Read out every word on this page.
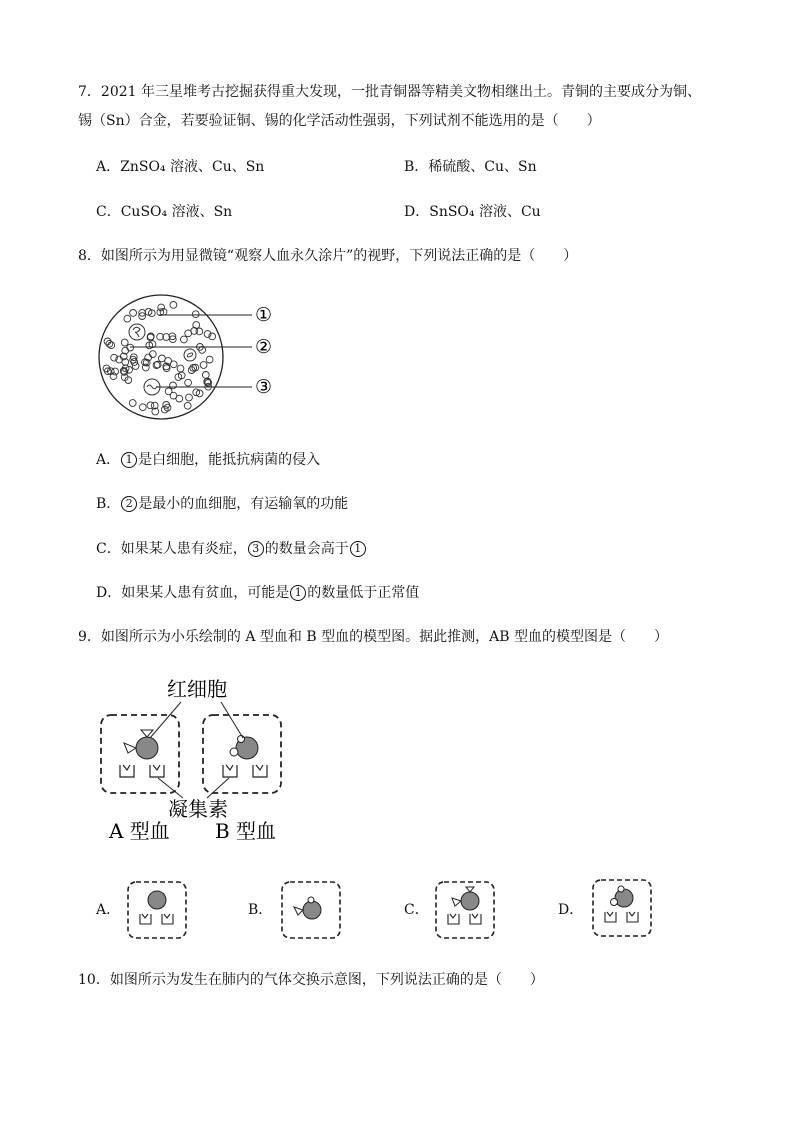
7．2021 年三星堆考古挖掘获得重大发现，一批青铜器等精美文物相继出土。青铜的主要成分为铜、
锡（Sn）合金，若要验证铜、锡的化学活动性强弱，下列试剂不能选用的是（　　）
A．ZnSO₄ 溶液、Cu、Sn	B．稀硫酸、Cu、Sn
C．CuSO₄ 溶液、Sn	D．SnSO₄ 溶液、Cu
8．如图所示为用显微镜“观察人血永久涂片”的视野，下列说法正确的是（　　）
①
②
③
A． 1 是白细胞，能抵抗病菌的侵入
B． 2 是最小的血细胞，有运输氧的功能
C．如果某人患有炎症， 3 的数量会高于 1
D．如果某人患有贫血，可能是 1 的数量低于正常值
9．如图所示为小乐绘制的 A 型血和 B 型血的模型图。据此推测，AB 型血的模型图是（　　）
红细胞
凝集素
A 型血 B 型血
A．	B．	C．	D．
10．如图所示为发生在肺内的气体交换示意图，下列说法正确的是（　　）
